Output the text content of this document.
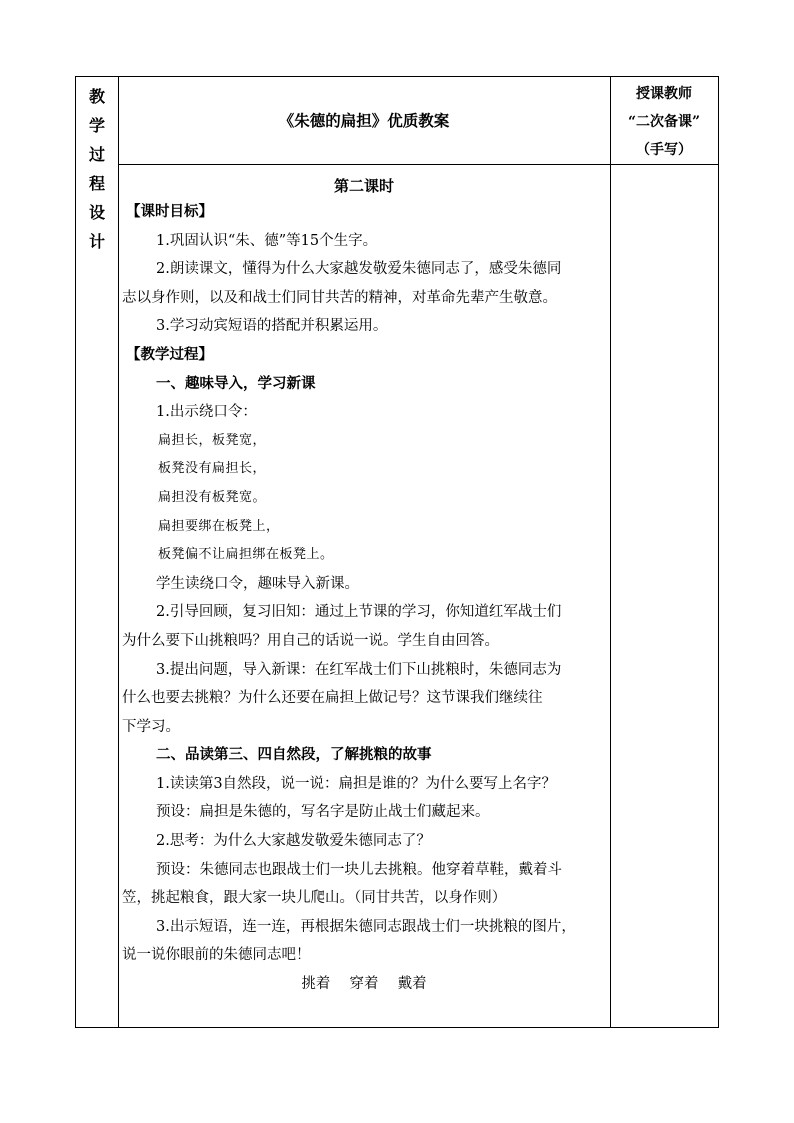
教
学
过
程
设
计
《朱德的扁担》优质教案
授课教师
“二次备课”
（手写）
第二课时
【课时目标】
1.巩固认识“朱、德”等15个生字。
2.朗读课文，懂得为什么大家越发敬爱朱德同志了，感受朱德同
志以身作则，以及和战士们同甘共苦的精神，对革命先辈产生敬意。
3.学习动宾短语的搭配并积累运用。
【教学过程】
一、趣味导入，学习新课
1.出示绕口令：
扁担长，板凳宽，
板凳没有扁担长，
扁担没有板凳宽。
扁担要绑在板凳上，
板凳偏不让扁担绑在板凳上。
学生读绕口令，趣味导入新课。
2.引导回顾，复习旧知：通过上节课的学习，你知道红军战士们
为什么要下山挑粮吗？用自己的话说一说。学生自由回答。
3.提出问题，导入新课：在红军战士们下山挑粮时，朱德同志为
什么也要去挑粮？为什么还要在扁担上做记号？这节课我们继续往
下学习。
二、品读第三、四自然段，了解挑粮的故事
1.读读第3自然段，说一说：扁担是谁的？为什么要写上名字？
预设：扁担是朱德的，写名字是防止战士们藏起来。
2.思考：为什么大家越发敬爱朱德同志了？
预设：朱德同志也跟战士们一块儿去挑粮。他穿着草鞋，戴着斗
笠，挑起粮食，跟大家一块儿爬山。（同甘共苦，以身作则）
3.出示短语，连一连，再根据朱德同志跟战士们一块挑粮的图片，
说一说你眼前的朱德同志吧！
挑着　 穿着　 戴着
